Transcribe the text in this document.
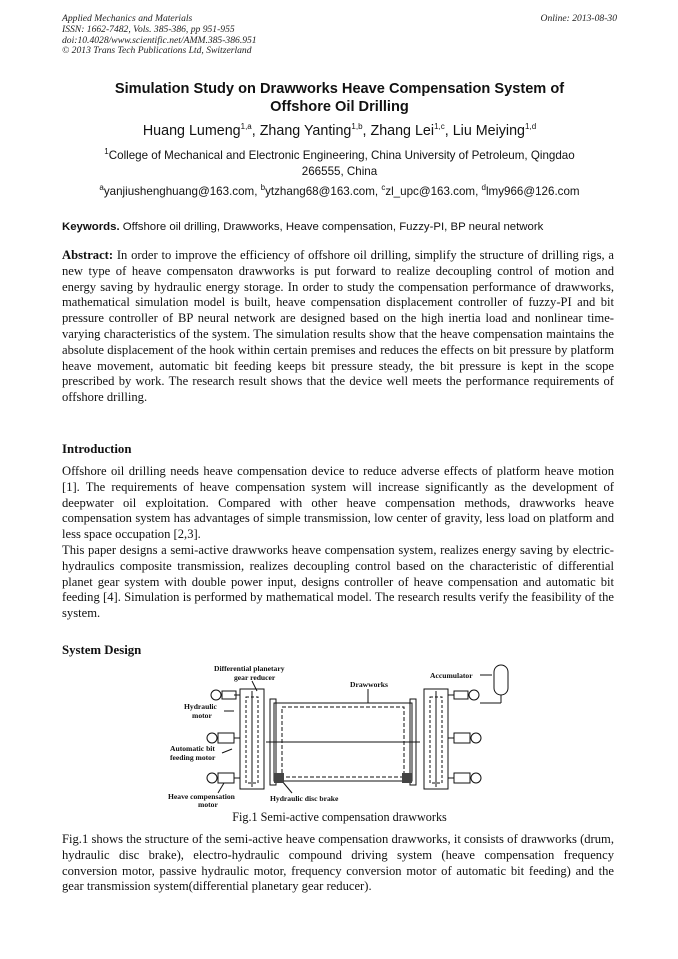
Applied Mechanics and Materials
ISSN: 1662-7482, Vols. 385-386, pp 951-955
doi:10.4028/www.scientific.net/AMM.385-386.951
© 2013 Trans Tech Publications Ltd, Switzerland
Online: 2013-08-30
Simulation Study on Drawworks Heave Compensation System of
Offshore Oil Drilling
Huang Lumeng$^{1,a}$, Zhang Yanting$^{1,b}$, Zhang Lei$^{1,c}$, Liu Meiying$^{1,d}$
$^1$College of Mechanical and Electronic Engineering, China University of Petroleum, Qingdao
266555, China
$^a$yanjiushenghuang@163.com, $^b$ytzhang68@163.com, $^c$zl_upc@163.com, $^d$lmy966@126.com
Keywords. Offshore oil drilling, Drawworks, Heave compensation, Fuzzy-PI, BP neural network
Abstract: In order to improve the efficiency of offshore oil drilling, simplify the structure of drilling rigs, a new type of heave compensaton drawworks is put forward to realize decoupling control of motion and energy saving by hydraulic energy storage. In order to study the compensation performance of drawworks, mathematical simulation model is built, heave compensation displacement controller of fuzzy-PI and bit pressure controller of BP neural network are designed based on the high inertia load and nonlinear time-varying characteristics of the system. The simulation results show that the heave compensation maintains the absolute displacement of the hook within certain premises and reduces the effects on bit pressure by platform heave movement, automatic bit feeding keeps bit pressure steady, the bit pressure is kept in the scope prescribed by work. The research result shows that the device well meets the performance requirements of offshore drilling.
Introduction
Offshore oil drilling needs heave compensation device to reduce adverse effects of platform heave motion [1]. The requirements of heave compensation system will increase significantly as the development of deepwater oil exploitation. Compared with other heave compensation methods, drawworks heave compensation system has advantages of simple transmission, low center of gravity, less load on platform and less space occupation [2,3].
This paper designs a semi-active drawworks heave compensation system, realizes energy saving by electric-hydraulics composite transmission, realizes decoupling control based on the characteristic of differential planet gear system with double power input, designs controller of heave compensation and automatic bit feeding [4]. Simulation is performed by mathematical model. The research results verify the feasibility of the system.
System Design
Differential planetary
gear reducer
Drawworks
Accumulator
Hydraulic
motor
Automatic bit
feeding motor
Heave compensation
motor
Hydraulic disc brake
Fig.1 Semi-active compensation drawworks
Fig.1 shows the structure of the semi-active heave compensation drawworks, it consists of drawworks (drum, hydraulic disc brake), electro-hydraulic compound driving system (heave compensation frequency conversion motor, passive hydraulic motor, frequency conversion motor of automatic bit feeding) and the gear transmission system(differential planetary gear reducer).
